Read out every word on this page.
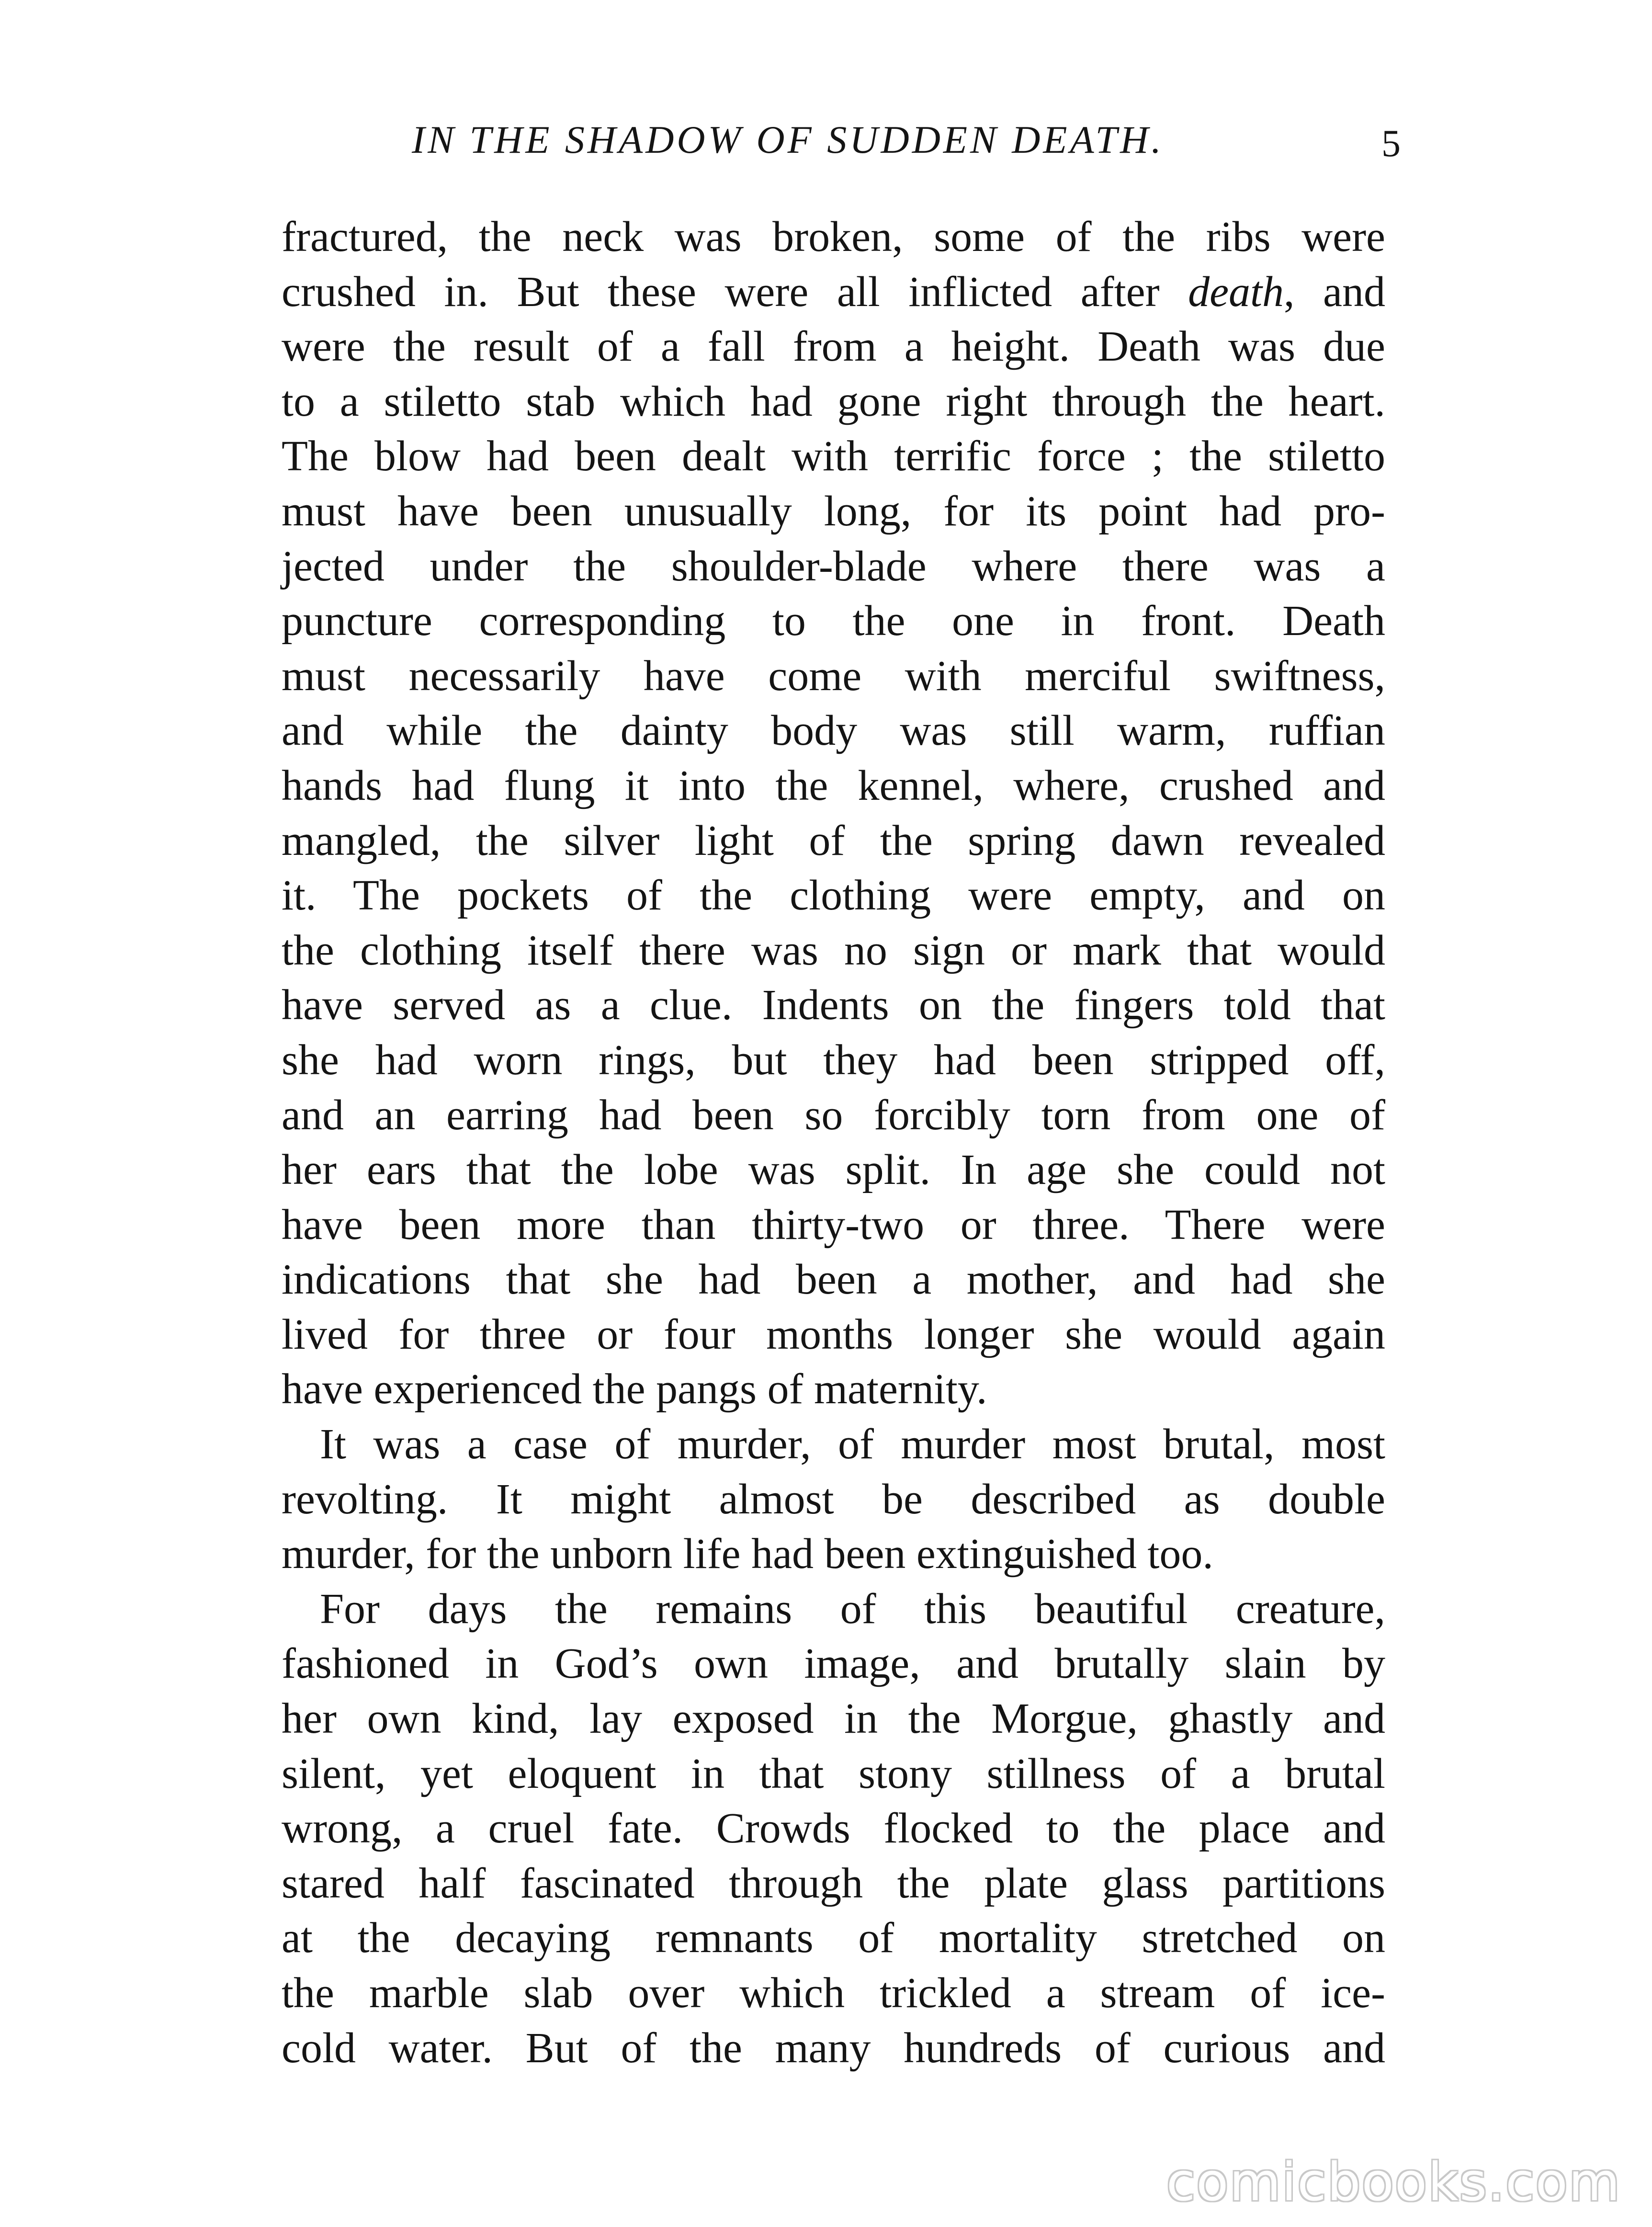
IN THE SHADOW OF SUDDEN DEATH.	5
fractured, the neck was broken, some of the ribs were
crushed in. But these were all inflicted after death, and
were the result of a fall from a height. Death was due
to a stiletto stab which had gone right through the heart.
The blow had been dealt with terrific force ; the stiletto
must have been unusually long, for its point had pro-
jected under the shoulder-blade where there was a
puncture corresponding to the one in front. Death
must necessarily have come with merciful swiftness,
and while the dainty body was still warm, ruffian
hands had flung it into the kennel, where, crushed and
mangled, the silver light of the spring dawn revealed
it. The pockets of the clothing were empty, and on
the clothing itself there was no sign or mark that would
have served as a clue. Indents on the fingers told that
she had worn rings, but they had been stripped off,
and an earring had been so forcibly torn from one of
her ears that the lobe was split. In age she could not
have been more than thirty-two or three. There were
indications that she had been a mother, and had she
lived for three or four months longer she would again
have experienced the pangs of maternity.
It was a case of murder, of murder most brutal, most
revolting. It might almost be described as double
murder, for the unborn life had been extinguished too.
For days the remains of this beautiful creature,
fashioned in God’s own image, and brutally slain by
her own kind, lay exposed in the Morgue, ghastly and
silent, yet eloquent in that stony stillness of a brutal
wrong, a cruel fate. Crowds flocked to the place and
stared half fascinated through the plate glass partitions
at the decaying remnants of mortality stretched on
the marble slab over which trickled a stream of ice-
cold water. But of the many hundreds of curious and
comicbooks.com
